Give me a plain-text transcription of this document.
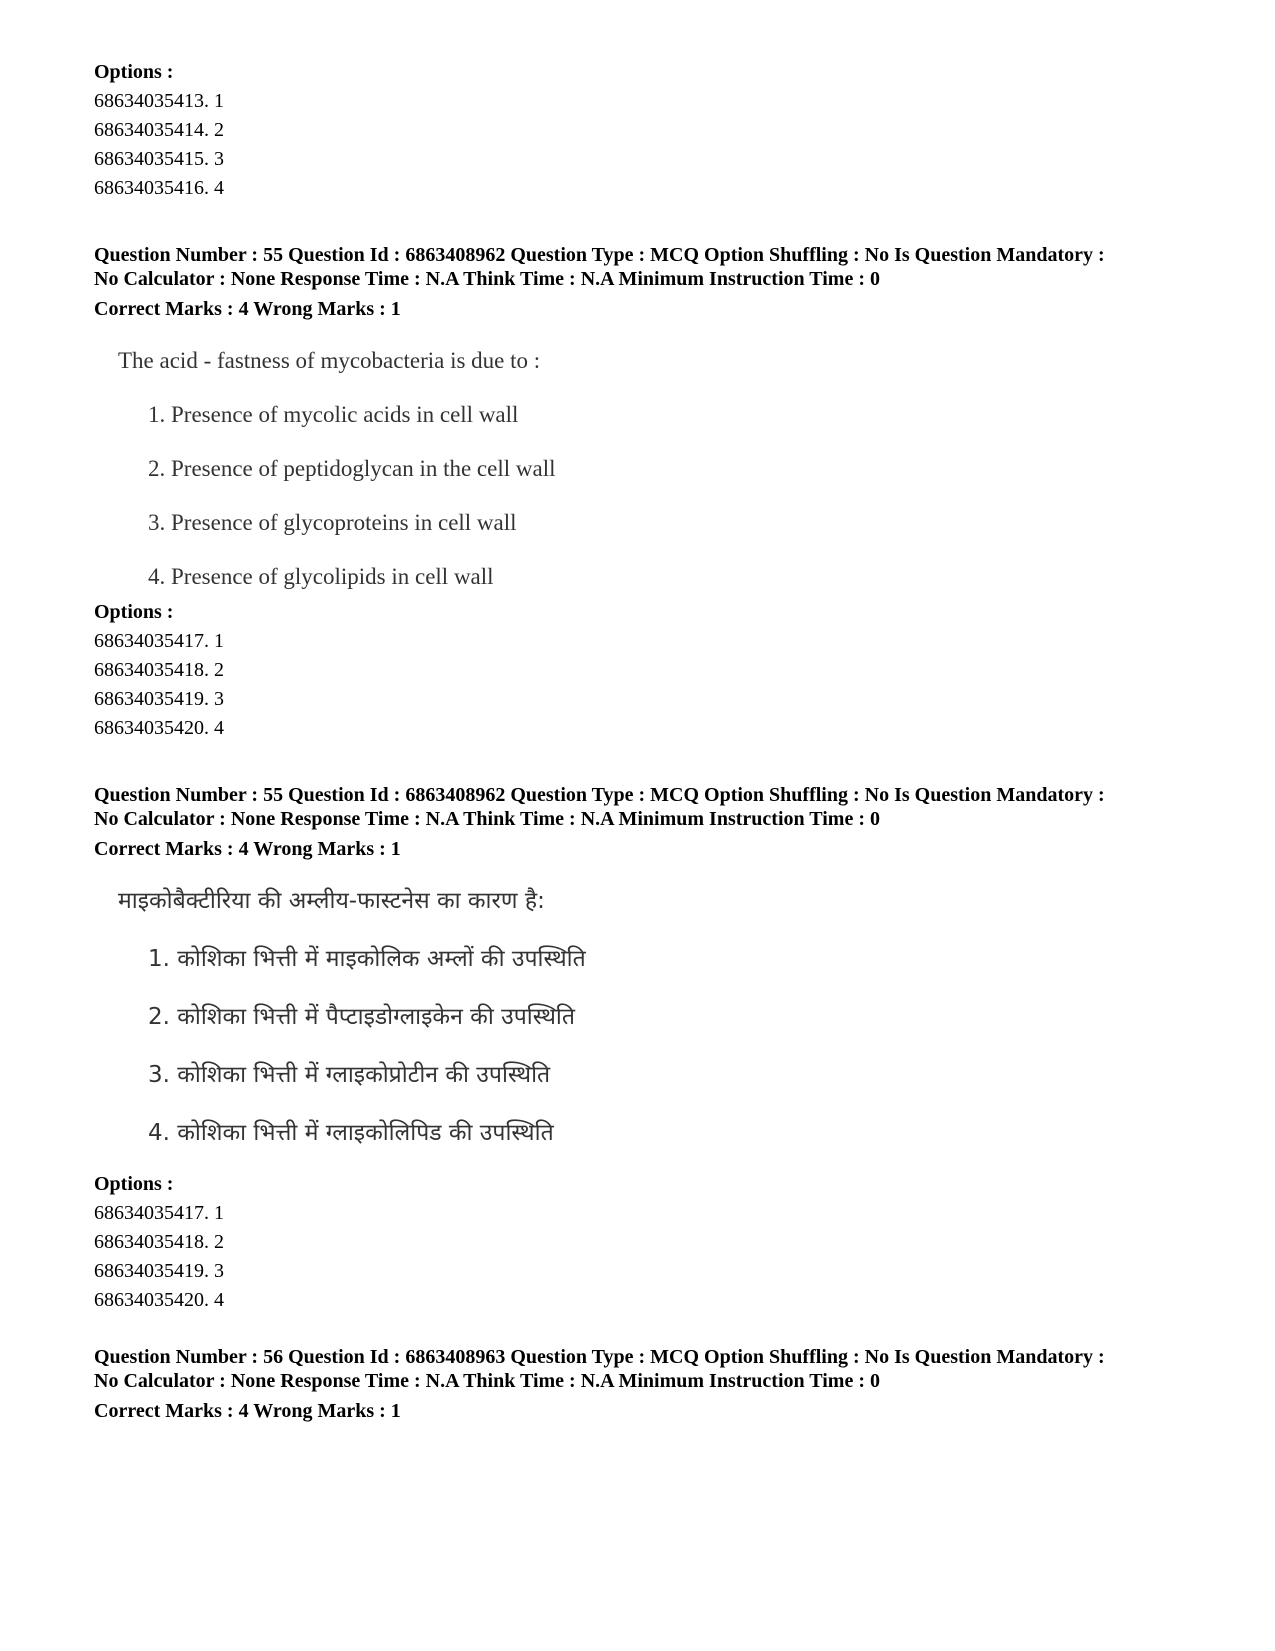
Options :

68634035413. 1

68634035414. 2

68634035415. 3

68634035416. 4

Question Number : 55 Question Id : 6863408962 Question Type : MCQ Option Shuffling : No Is Question Mandatory :

No Calculator : None Response Time : N.A Think Time : N.A Minimum Instruction Time : 0

Correct Marks : 4 Wrong Marks : 1

The acid - fastness of mycobacteria is due to :

1. Presence of mycolic acids in cell wall

2. Presence of peptidoglycan in the cell wall

3. Presence of glycoproteins in cell wall

4. Presence of glycolipids in cell wall

Options :

68634035417. 1

68634035418. 2

68634035419. 3

68634035420. 4

Question Number : 55 Question Id : 6863408962 Question Type : MCQ Option Shuffling : No Is Question Mandatory :

No Calculator : None Response Time : N.A Think Time : N.A Minimum Instruction Time : 0

Correct Marks : 4 Wrong Marks : 1

माइकोबैक्टीरिया की अम्लीय-फास्टनेस का कारण है:

1. कोशिका भित्ती में माइकोलिक अम्लों की उपस्थिति

2. कोशिका भित्ती में पैप्टाइडोग्लाइकेन की उपस्थिति

3. कोशिका भित्ती में ग्लाइकोप्रोटीन की उपस्थिति

4. कोशिका भित्ती में ग्लाइकोलिपिड की उपस्थिति

Options :

68634035417. 1

68634035418. 2

68634035419. 3

68634035420. 4

Question Number : 56 Question Id : 6863408963 Question Type : MCQ Option Shuffling : No Is Question Mandatory :

No Calculator : None Response Time : N.A Think Time : N.A Minimum Instruction Time : 0

Correct Marks : 4 Wrong Marks : 1
